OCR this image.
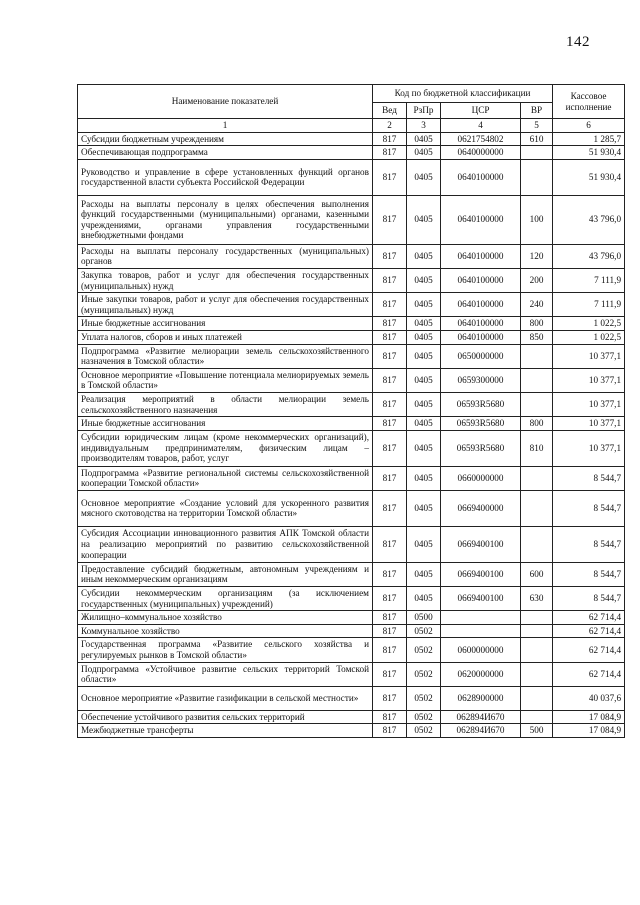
142
Наименование показателей	Код по бюджетной классификации				Кассовое исполнение
	Вед	РзПр	ЦСР	ВР	
1	2	3	4	5	6
Субсидии бюджетным учреждениям	817	0405	0621754802	610	1 285,7
Обеспечивающая подпрограмма	817	0405	0640000000		51 930,4
Руководство и управление в сфере установленных функций органов государственной власти субъекта Российской Федерации	817	0405	0640100000		51 930,4
Расходы на выплаты персоналу в целях обеспечения выполнения функций государственными (муниципальными) органами, казенными учреждениями, органами управления государственными внебюджетными фондами	817	0405	0640100000	100	43 796,0
Расходы на выплаты персоналу государственных (муниципальных) органов	817	0405	0640100000	120	43 796,0
Закупка товаров, работ и услуг для обеспечения государственных (муниципальных) нужд	817	0405	0640100000	200	7 111,9
Иные закупки товаров, работ и услуг для обеспечения государственных (муниципальных) нужд	817	0405	0640100000	240	7 111,9
Иные бюджетные ассигнования	817	0405	0640100000	800	1 022,5
Уплата налогов, сборов и иных платежей	817	0405	0640100000	850	1 022,5
Подпрограмма «Развитие мелиорации земель сельскохозяйственного назначения в Томской области»	817	0405	0650000000		10 377,1
Основное мероприятие «Повышение потенциала мелиорируемых земель в Томской области»	817	0405	0659300000		10 377,1
Реализация мероприятий в области мелиорации земель сельскохозяйственного назначения	817	0405	06593R5680		10 377,1
Иные бюджетные ассигнования	817	0405	06593R5680	800	10 377,1
Субсидии юридическим лицам (кроме некоммерческих организаций), индивидуальным предпринимателям, физическим лицам – производителям товаров, работ, услуг	817	0405	06593R5680	810	10 377,1
Подпрограмма «Развитие региональной системы сельскохозяйственной кооперации Томской области»	817	0405	0660000000		8 544,7
Основное мероприятие «Создание условий для ускоренного развития мясного скотоводства на территории Томской области»	817	0405	0669400000		8 544,7
Субсидия Ассоциации инновационного развития АПК Томской области на реализацию мероприятий по развитию сельскохозяйственной кооперации	817	0405	0669400100		8 544,7
Предоставление субсидий бюджетным, автономным учреждениям и иным некоммерческим организациям	817	0405	0669400100	600	8 544,7
Субсидии некоммерческим организациям (за исключением государственных (муниципальных) учреждений)	817	0405	0669400100	630	8 544,7
Жилищно–коммунальное хозяйство	817	0500			62 714,4
Коммунальное хозяйство	817	0502			62 714,4
Государственная программа «Развитие сельского хозяйства и регулируемых рынков в Томской области»	817	0502	0600000000		62 714,4
Подпрограмма «Устойчивое развитие сельских территорий Томской области»	817	0502	0620000000		62 714,4
Основное мероприятие «Развитие газификации в сельской местности»	817	0502	0628900000		40 037,6
Обеспечение устойчивого развития сельских территорий	817	0502	062894И670		17 084,9
Межбюджетные трансферты	817	0502	062894И670	500	17 084,9
